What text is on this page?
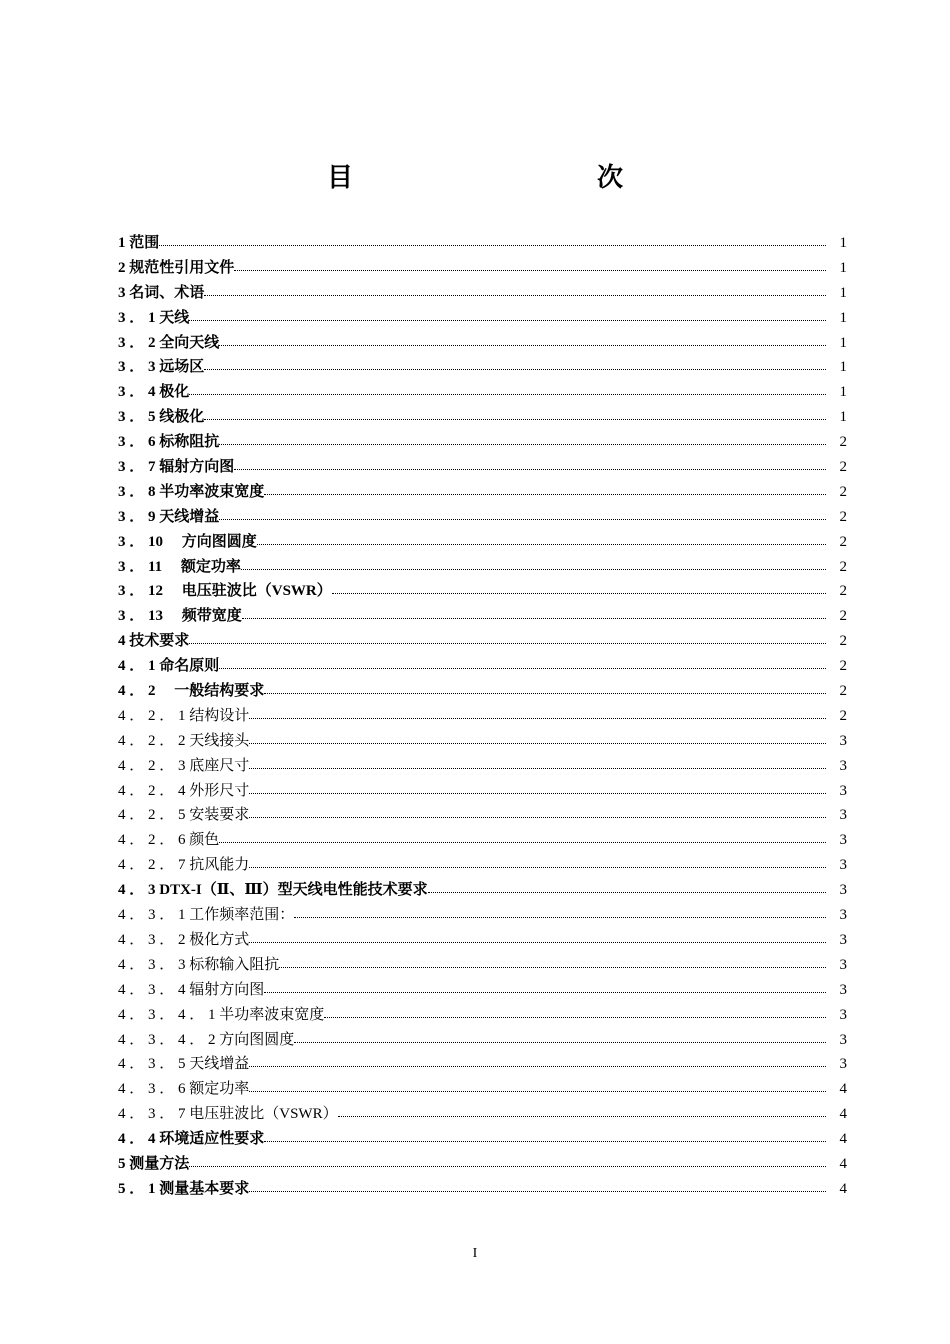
目　　次
1 范围	1
2 规范性引用文件	1
3 名词、术语	1
3 ． 1 天线	1
3 ． 2 全向天线	1
3 ． 3 远场区	1
3 ． 4 极化	1
3 ． 5 线极化	1
3 ． 6 标称阻抗	2
3 ． 7 辐射方向图	2
3 ． 8 半功率波束宽度	2
3 ． 9 天线增益	2
3 ． 10 　方向图圆度	2
3 ． 11 　额定功率	2
3 ． 12 　电压驻波比（VSWR）	2
3 ． 13 　频带宽度	2
4 技术要求	2
4 ． 1 命名原则	2
4 ． 2 　一般结构要求	2
4 ． 2 ． 1 结构设计	2
4 ． 2 ． 2 天线接头	3
4 ． 2 ． 3 底座尺寸	3
4 ． 2 ． 4 外形尺寸	3
4 ． 2 ． 5 安装要求	3
4 ． 2 ． 6 颜色	3
4 ． 2 ． 7 抗风能力	3
4 ． 3 DTX-I（Ⅱ、Ⅲ）型天线电性能技术要求	3
4 ． 3 ． 1 工作频率范围：	3
4 ． 3 ． 2 极化方式	3
4 ． 3 ． 3 标称输入阻抗	3
4 ． 3 ． 4 辐射方向图	3
4 ． 3 ． 4 ． 1 半功率波束宽度	3
4 ． 3 ． 4 ． 2 方向图圆度	3
4 ． 3 ． 5 天线增益	3
4 ． 3 ． 6 额定功率	4
4 ． 3 ． 7 电压驻波比（VSWR）	4
4 ． 4 环境适应性要求	4
5 测量方法	4
5 ． 1 测量基本要求	4
I
